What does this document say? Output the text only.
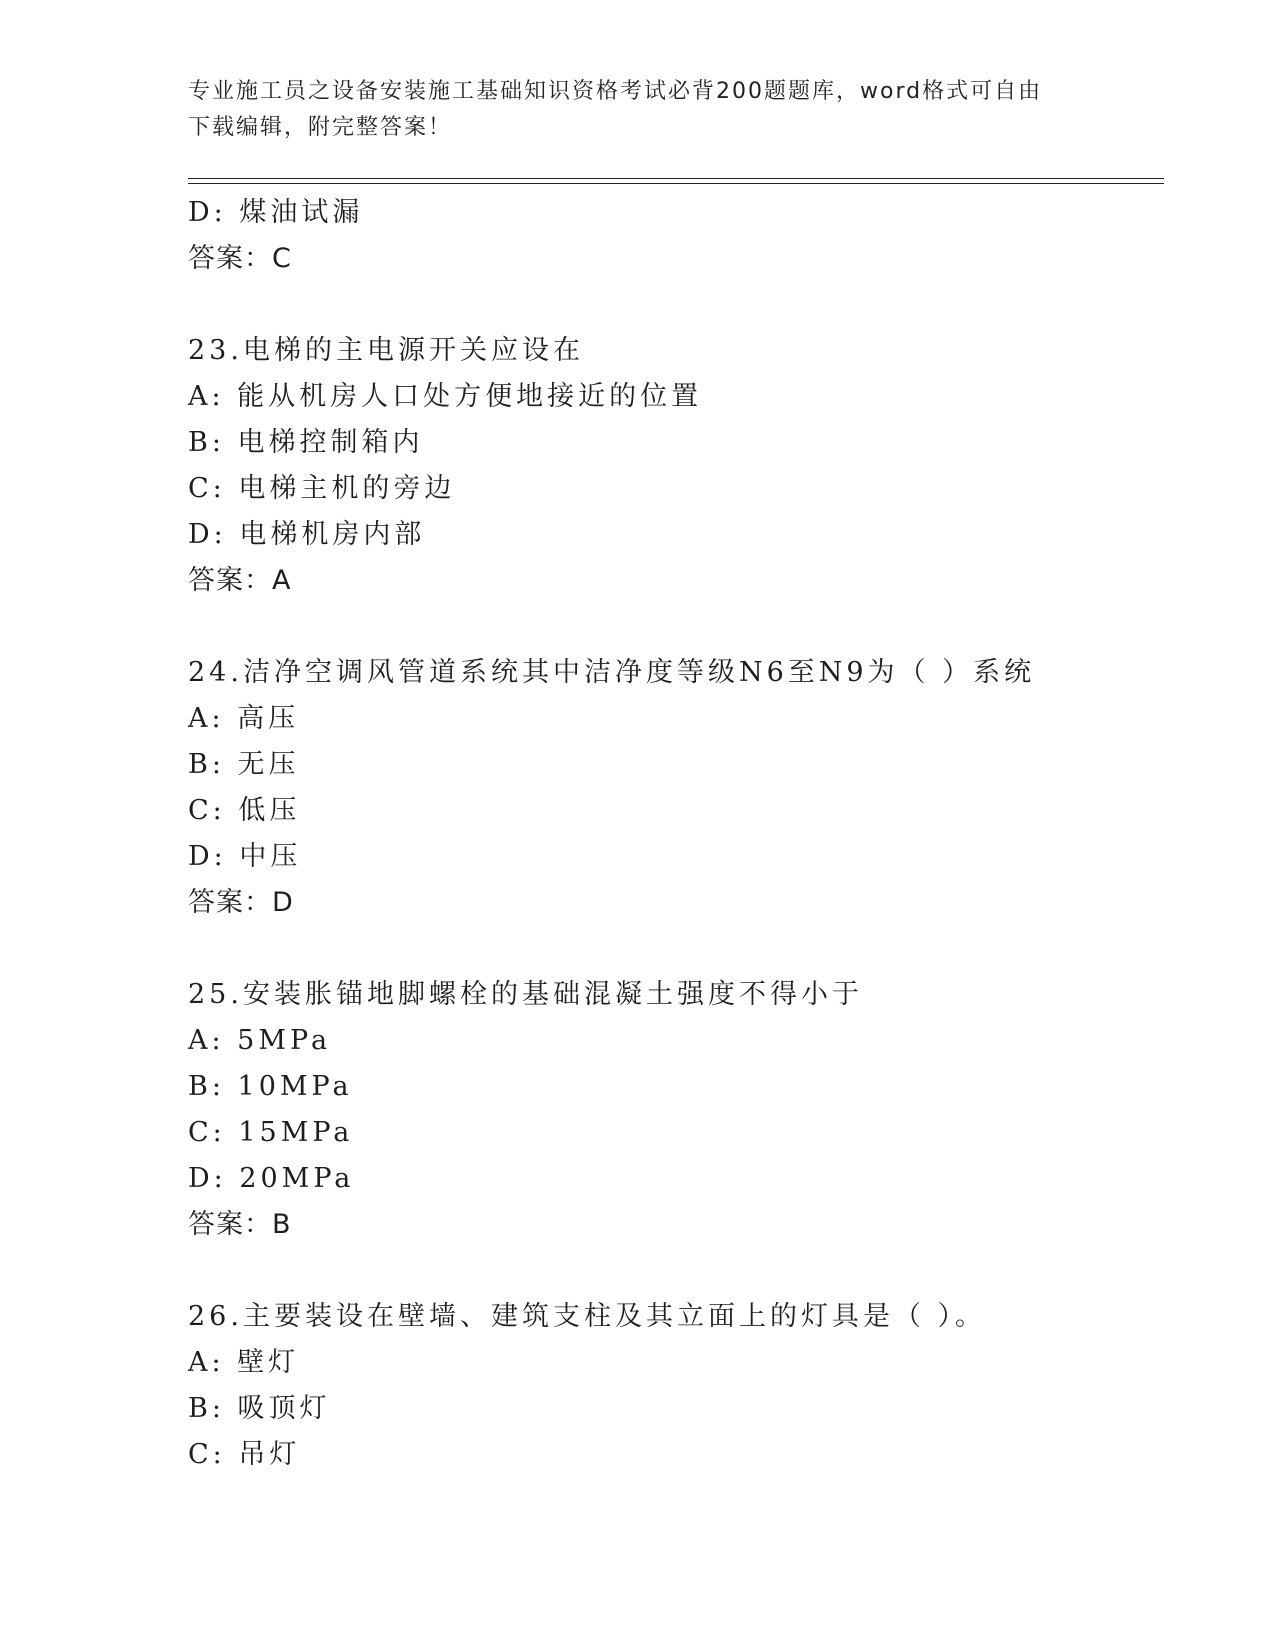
专业施工员之设备安装施工基础知识资格考试必背200题题库，word格式可自由
下载编辑，附完整答案！
D: 煤油试漏
答案：C
23.电梯的主电源开关应设在
A: 能从机房人口处方便地接近的位置
B: 电梯控制箱内
C: 电梯主机的旁边
D: 电梯机房内部
答案：A
24.洁净空调风管道系统其中洁净度等级N6至N9为（ ）系统
A: 高压
B: 无压
C: 低压
D: 中压
答案：D
25.安装胀锚地脚螺栓的基础混凝土强度不得小于
A: 5MPa
B: 10MPa
C: 15MPa
D: 20MPa
答案：B
26.主要装设在壁墙、建筑支柱及其立面上的灯具是（ ）。
A: 壁灯
B: 吸顶灯
C: 吊灯
